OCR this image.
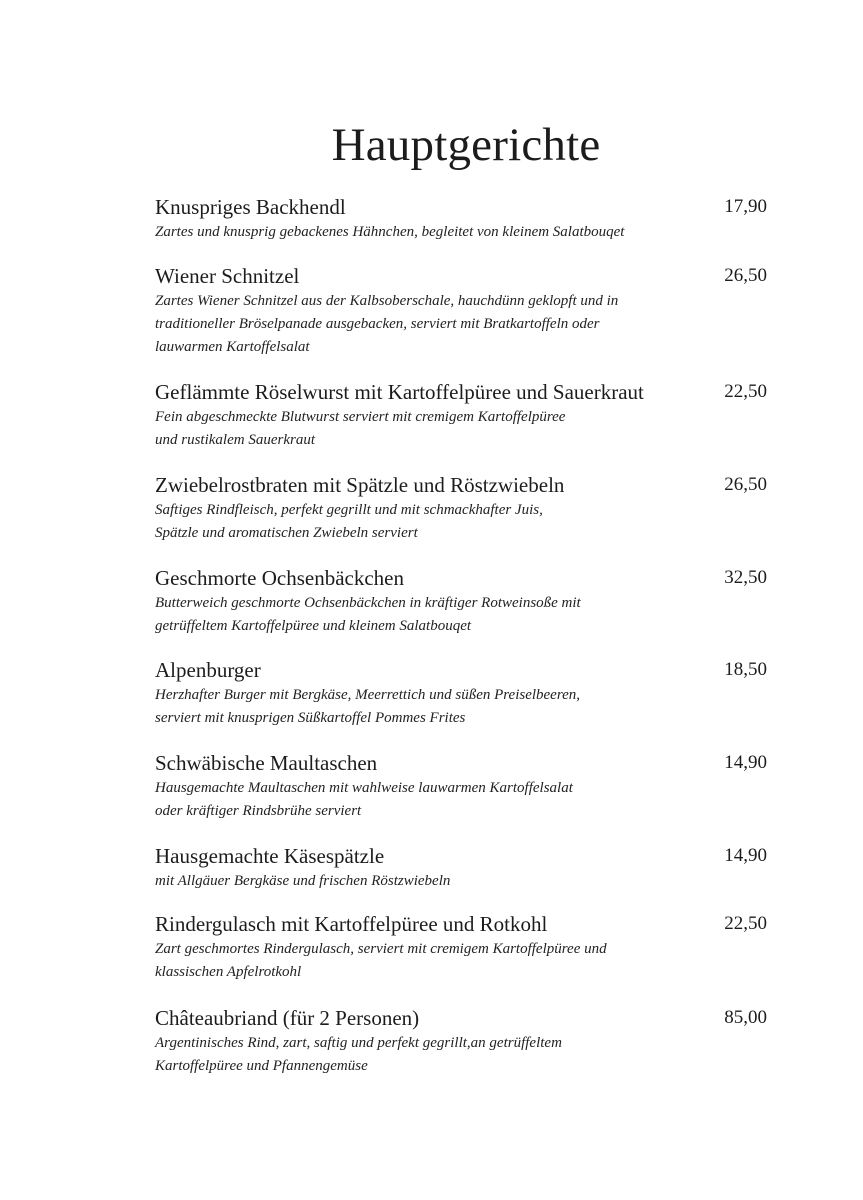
Hauptgerichte
Knuspriges Backhendl	17,90
Zartes und knusprig gebackenes Hähnchen, begleitet von kleinem Salatbouqet
Wiener Schnitzel	26,50
Zartes Wiener Schnitzel aus der Kalbsoberschale, hauchdünn geklopft und in
traditioneller Bröselpanade ausgebacken, serviert mit Bratkartoffeln oder
lauwarmen Kartoffelsalat
Geflämmte Röselwurst mit Kartoffelpüree und Sauerkraut	22,50
Fein abgeschmeckte Blutwurst serviert mit cremigem Kartoffelpüree
und rustikalem Sauerkraut
Zwiebelrostbraten mit Spätzle und Röstzwiebeln	26,50
Saftiges Rindfleisch, perfekt gegrillt und mit schmackhafter Juis,
Spätzle und aromatischen Zwiebeln serviert
Geschmorte Ochsenbäckchen	32,50
Butterweich geschmorte Ochsenbäckchen in kräftiger Rotweinsoße mit
getrüffeltem Kartoffelpüree und kleinem Salatbouqet
Alpenburger	18,50
Herzhafter Burger mit Bergkäse, Meerrettich und süßen Preiselbeeren,
serviert mit knusprigen Süßkartoffel Pommes Frites
Schwäbische Maultaschen	14,90
Hausgemachte Maultaschen mit wahlweise lauwarmen Kartoffelsalat
oder kräftiger Rindsbrühe serviert
Hausgemachte Käsespätzle	14,90
mit Allgäuer Bergkäse und frischen Röstzwiebeln
Rindergulasch mit Kartoffelpüree und Rotkohl	22,50
Zart geschmortes Rindergulasch, serviert mit cremigem Kartoffelpüree und
klassischen Apfelrotkohl
Châteaubriand (für 2 Personen)	85,00
Argentinisches Rind, zart, saftig und perfekt gegrillt,an getrüffeltem
Kartoffelpüree und Pfannengemüse
